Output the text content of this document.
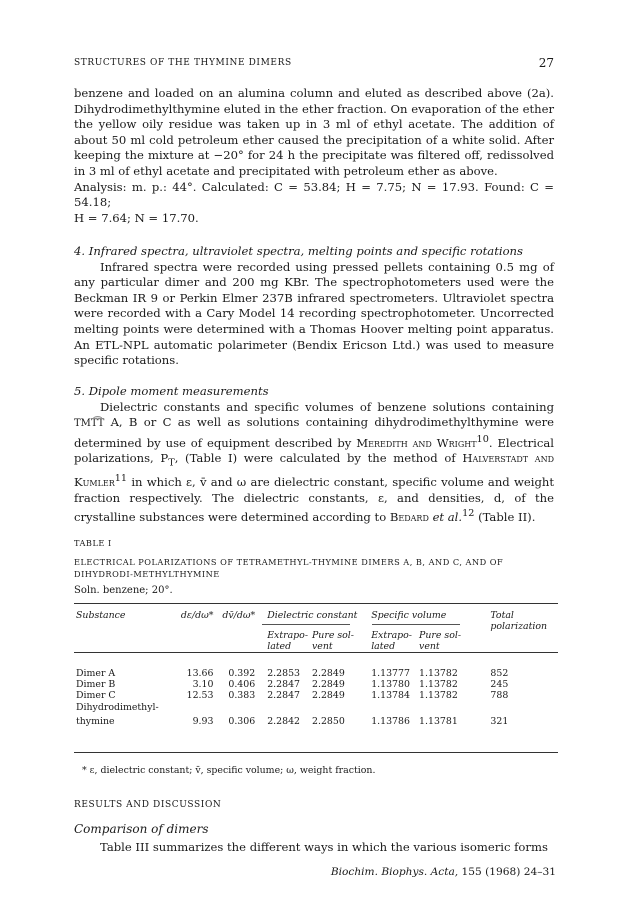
STRUCTURES OF THE THYMINE DIMERS	27

benzene and loaded on an alumina column and eluted as described above (2a). Dihydrodimethylthymine eluted in the ether fraction. On evaporation of the ether the yellow oily residue was taken up in 3 ml of ethyl acetate. The addition of about 50 ml cold petroleum ether caused the precipitation of a white solid. After keeping the mixture at −20° for 24 h the precipitate was filtered off, redissolved in 3 ml of ethyl acetate and precipitated with petroleum ether as above.

Analysis: m. p.: 44°. Calculated: C = 53.84; H = 7.75; N = 17.93. Found: C = 54.18;

H = 7.64; N = 17.70.

4. Infrared spectra, ultraviolet spectra, melting points and specific rotations

Infrared spectra were recorded using pressed pellets containing 0.5 mg of any particular dimer and 200 mg KBr. The spectrophotometers used were the Beckman IR 9 or Perkin Elmer 237B infrared spectrometers. Ultraviolet spectra were recorded with a Cary Model 14 recording spectrophotometer. Uncorrected melting points were determined with a Thomas Hoover melting point apparatus. An ETL-NPL automatic polarimeter (Bendix Ericson Ltd.) was used to measure specific rotations.

5. Dipole moment measurements

Dielectric constants and specific volumes of benzene solutions containing TMT͡T A, B or C as well as solutions containing dihydrodimethylthymine were determined by use of equipment described by Meredith and Wright$^{10}$. Electrical polarizations, $P_T$, (Table I) were calculated by the method of Halverstadt and Kumler$^{11}$ in which ε, v̄ and ω are dielectric constant, specific volume and weight fraction respectively. The dielectric constants, ε, and densities, d, of the crystalline substances were determined according to Bedard et al.$^{12}$ (Table II).

TABLE I
ELECTRICAL POLARIZATIONS OF TETRAMETHYL-THYMINE DIMERS A, B, AND C, AND OF DIHYDRODI-METHYLTHYMINE
Soln. benzene; 20°.
Substance	dε/dω*	dv̄/dω*	Dielectric constant		Specific volume		Total polarization
			Extrapo- lated	Pure sol- vent	Extrapo- lated	Pure sol- vent	

Dimer A	13.66	0.392	2.2853	2.2849	1.13777	1.13782	852
Dimer B	3.10	0.406	2.2847	2.2849	1.13780	1.13782	245
Dimer C	12.53	0.383	2.2847	2.2849	1.13784	1.13782	788
Dihydrodimethyl-							
thymine	9.93	0.306	2.2842	2.2850	1.13786	1.13781	321
* ε, dielectric constant; v̄, specific volume; ω, weight fraction.
RESULTS AND DISCUSSION
Comparison of dimers
Table III summarizes the different ways in which the various isomeric forms
Biochim. Biophys. Acta, 155 (1968) 24–31
